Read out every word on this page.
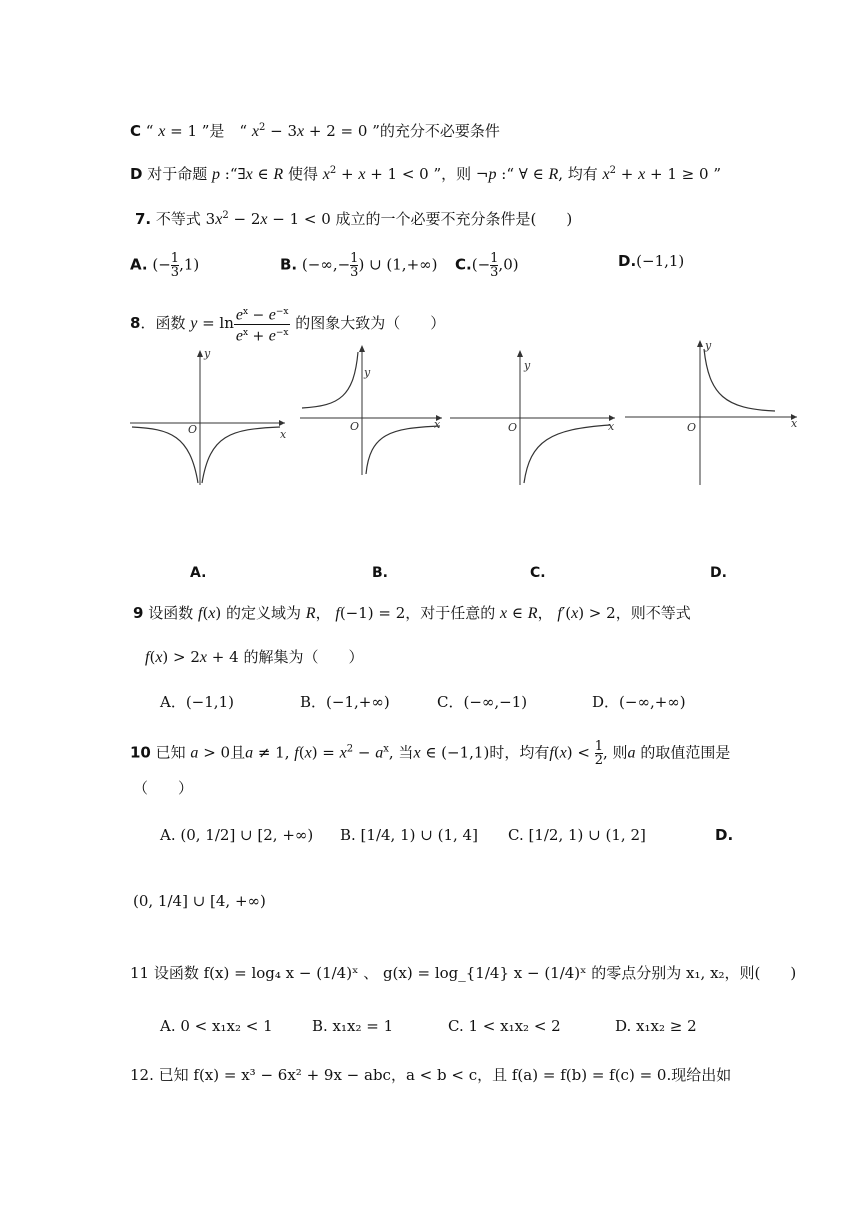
C “ x = 1 ”是　“ $x^2 - 3x + 2 = 0$ ”的充分不必要条件
D 对于命题 p :“∃x ∈ R 使得 $x^2 + x + 1 < 0$ ”，则 ¬p :“ ∀ ∈ R, 均有 $x^2 + x + 1 \ge 0$ ”
7. 不等式 $3x^2 - 2x - 1 < 0$ 成立的一个必要不充分条件是(　　)
A. (− $\frac{1}{3} ,1$)	B. (−∞,− $\frac{1}{3}$ ) ∪ (1,+∞) $C.(- \frac{1}{3} ,0)$	D.(−1,1)
8．函数 $y = \ln \frac{e^x - e^{-x}}{e^x + e^{-x}}$ 的图象大致为（　　）
x
y
O	x
y
O	x
y
O	x
y
O
A.	B.	C.	D.
9 设函数 f(x) 的定义域为 R， f(−1) = 2，对于任意的 x ∈ R， f′(x) > 2，则不等式
f(x) > 2x + 4 的解集为（　　）
A．(−1,1)	B．(−1,+∞)	C．(−∞,−1)	D．(−∞,+∞)
10 已知 a > 0且a ≠ 1, $f(x) = x^2 - a^x$, 当x ∈ (−1,1)时，均有$f(x) < \frac{1}{2}$ , 则a 的取值范围是
（　　）
A. (0, 1/2] ∪ [2, +∞) B. [1/4, 1) ∪ (1, 4] C. [1/2, 1) ∪ (1, 2]	D.
(0, 1/4] ∪ [4, +∞)
11 设函数 f(x) = log₄ x − (1/4)ˣ 、 g(x) = log_{1/4} x − (1/4)ˣ 的零点分别为 x₁, x₂，则(　　)
A. 0 < x₁x₂ < 1	B. x₁x₂ = 1	C. 1 < x₁x₂ < 2	D. x₁x₂ ≥ 2
12. 已知 f(x) = x³ − 6x² + 9x − abc，a < b < c，且 f(a) = f(b) = f(c) = 0.现给出如
